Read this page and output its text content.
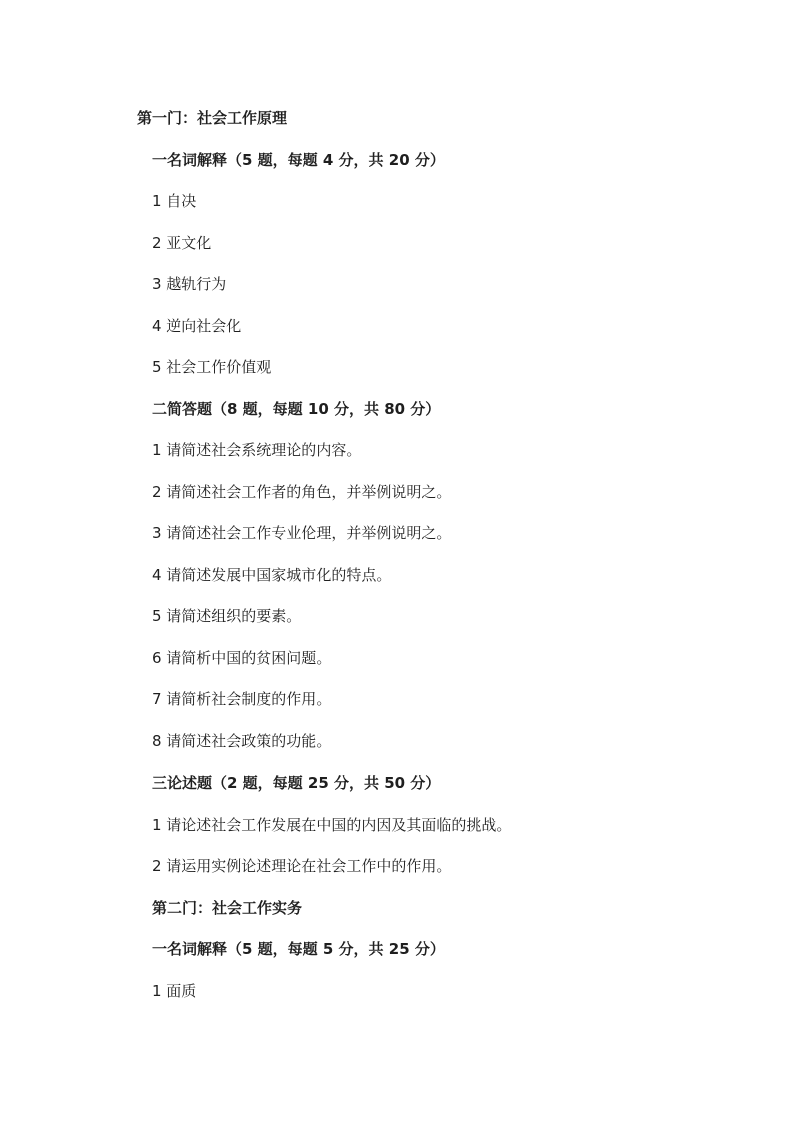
第一门：社会工作原理
一名词解释（5 题，每题 4 分，共 20 分）
1 自决
2 亚文化
3 越轨行为
4 逆向社会化
5 社会工作价值观
二简答题（8 题，每题 10 分，共 80 分）
1 请简述社会系统理论的内容。
2 请简述社会工作者的角色，并举例说明之。
3 请简述社会工作专业伦理，并举例说明之。
4 请简述发展中国家城市化的特点。
5 请简述组织的要素。
6 请简析中国的贫困问题。
7 请简析社会制度的作用。
8 请简述社会政策的功能。
三论述题（2 题，每题 25 分，共 50 分）
1 请论述社会工作发展在中国的内因及其面临的挑战。
2 请运用实例论述理论在社会工作中的作用。
第二门：社会工作实务
一名词解释（5 题，每题 5 分，共 25 分）
1 面质
